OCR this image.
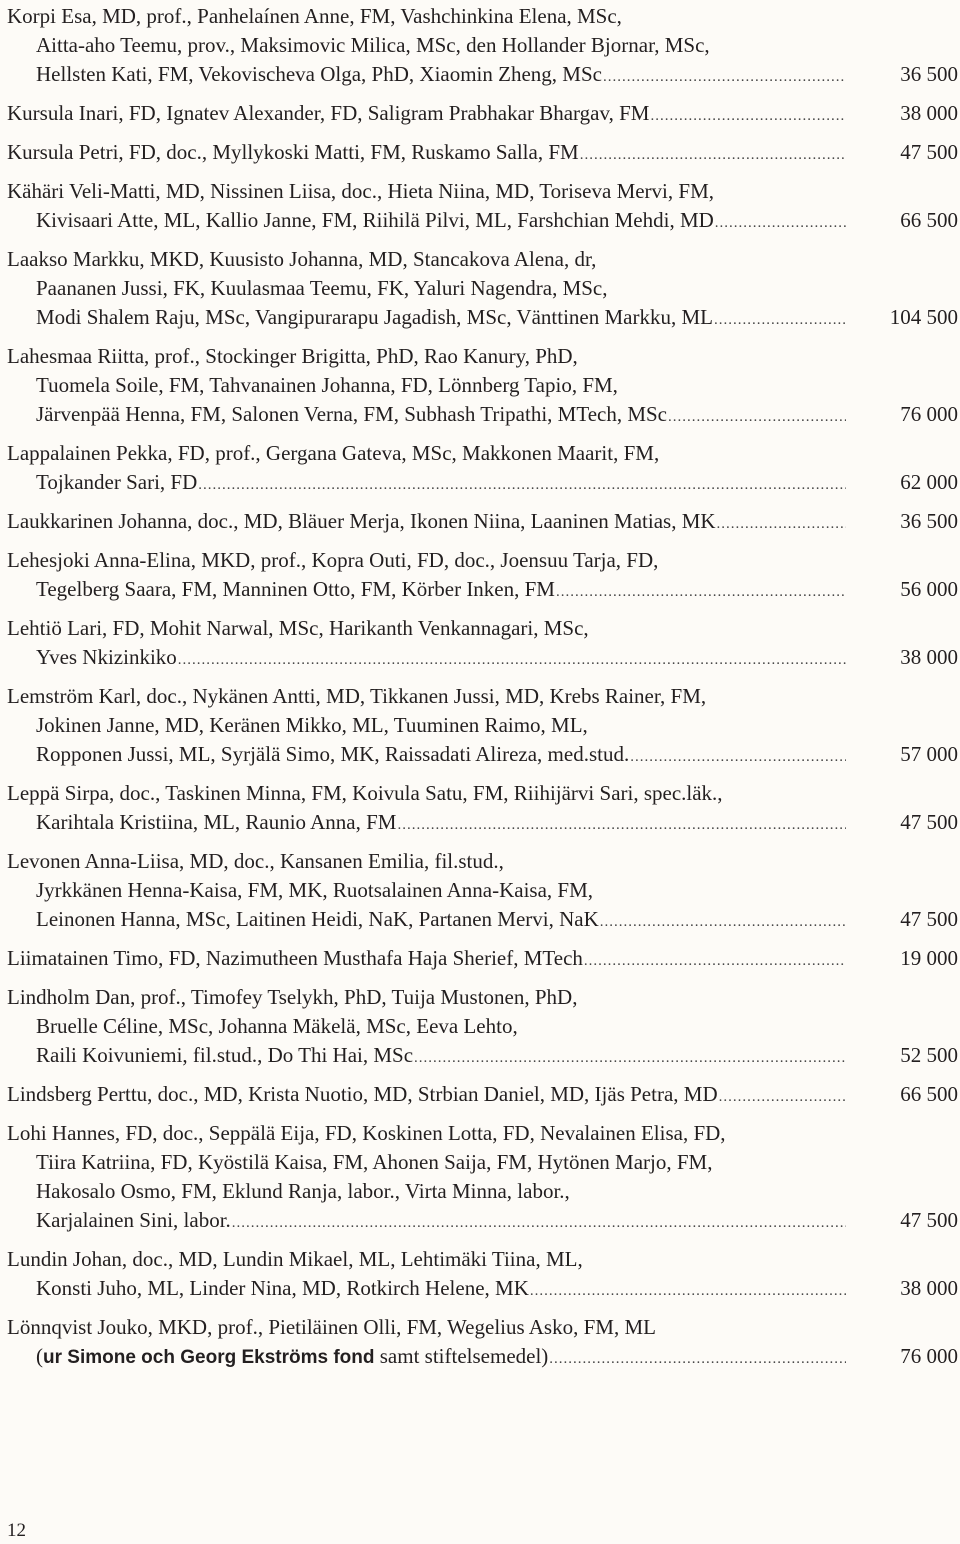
Korpi Esa, MD, prof., Panhelaínen Anne, FM, Vashchinkina Elena, MSc,
Aitta-aho Teemu, prov., Maksimovic Milica, MSc, den Hollander Bjornar, MSc,
Hellsten Kati, FM, Vekovischeva Olga, PhD, Xiaomin Zheng, MSc .....	36 500
Kursula Inari, FD, Ignatev Alexander, FD, Saligram Prabhakar Bhargav, FM .....	38 000
Kursula Petri, FD, doc., Myllykoski Matti, FM, Ruskamo Salla, FM .....	47 500
Kähäri Veli-Matti, MD, Nissinen Liisa, doc., Hieta Niina, MD, Toriseva Mervi, FM,
Kivisaari Atte, ML, Kallio Janne, FM, Riihilä Pilvi, ML, Farshchian Mehdi, MD .....	66 500
Laakso Markku, MKD, Kuusisto Johanna, MD, Stancakova Alena, dr,
Paananen Jussi, FK, Kuulasmaa Teemu, FK, Yaluri Nagendra, MSc,
Modi Shalem Raju, MSc, Vangipurarapu Jagadish, MSc, Vänttinen Markku, ML .....	104 500
Lahesmaa Riitta, prof., Stockinger Brigitta, PhD, Rao Kanury, PhD,
Tuomela Soile, FM, Tahvanainen Johanna, FD, Lönnberg Tapio, FM,
Järvenpää Henna, FM, Salonen Verna, FM, Subhash Tripathi, MTech, MSc .....	76 000
Lappalainen Pekka, FD, prof., Gergana Gateva, MSc, Makkonen Maarit, FM,
Tojkander Sari, FD .....	62 000
Laukkarinen Johanna, doc., MD, Bläuer Merja, Ikonen Niina, Laaninen Matias, MK .....	36 500
Lehesjoki Anna-Elina, MKD, prof., Kopra Outi, FD, doc., Joensuu Tarja, FD,
Tegelberg Saara, FM, Manninen Otto, FM, Körber Inken, FM .....	56 000
Lehtiö Lari, FD, Mohit Narwal, MSc, Harikanth Venkannagari, MSc,
Yves Nkizinkiko .....	38 000
Lemström Karl, doc., Nykänen Antti, MD, Tikkanen Jussi, MD, Krebs Rainer, FM,
Jokinen Janne, MD, Keränen Mikko, ML, Tuuminen Raimo, ML,
Ropponen Jussi, ML, Syrjälä Simo, MK, Raissadati Alireza, med.stud. .....	57 000
Leppä Sirpa, doc., Taskinen Minna, FM, Koivula Satu, FM, Riihijärvi Sari, spec.läk.,
Karihtala Kristiina, ML, Raunio Anna, FM .....	47 500
Levonen Anna-Liisa, MD, doc., Kansanen Emilia, fil.stud.,
Jyrkkänen Henna-Kaisa, FM, MK, Ruotsalainen Anna-Kaisa, FM,
Leinonen Hanna, MSc, Laitinen Heidi, NaK, Partanen Mervi, NaK .....	47 500
Liimatainen Timo, FD, Nazimutheen Musthafa Haja Sherief, MTech .....	19 000
Lindholm Dan, prof., Timofey Tselykh, PhD, Tuija Mustonen, PhD,
Bruelle Céline, MSc, Johanna Mäkelä, MSc, Eeva Lehto,
Raili Koivuniemi, fil.stud., Do Thi Hai, MSc .....	52 500
Lindsberg Perttu, doc., MD, Krista Nuotio, MD, Strbian Daniel, MD, Ijäs Petra, MD .....	66 500
Lohi Hannes, FD, doc., Seppälä Eija, FD, Koskinen Lotta, FD, Nevalainen Elisa, FD,
Tiira Katriina, FD, Kyöstilä Kaisa, FM, Ahonen Saija, FM, Hytönen Marjo, FM,
Hakosalo Osmo, FM, Eklund Ranja, labor., Virta Minna, labor.,
Karjalainen Sini, labor. .....	47 500
Lundin Johan, doc., MD, Lundin Mikael, ML, Lehtimäki Tiina, ML,
Konsti Juho, ML, Linder Nina, MD, Rotkirch Helene, MK .....	38 000
Lönnqvist Jouko, MKD, prof., Pietiläinen Olli, FM, Wegelius Asko, FM, ML
(ur Simone och Georg Ekströms fond samt stiftelsemedel) .....	76 000
12
